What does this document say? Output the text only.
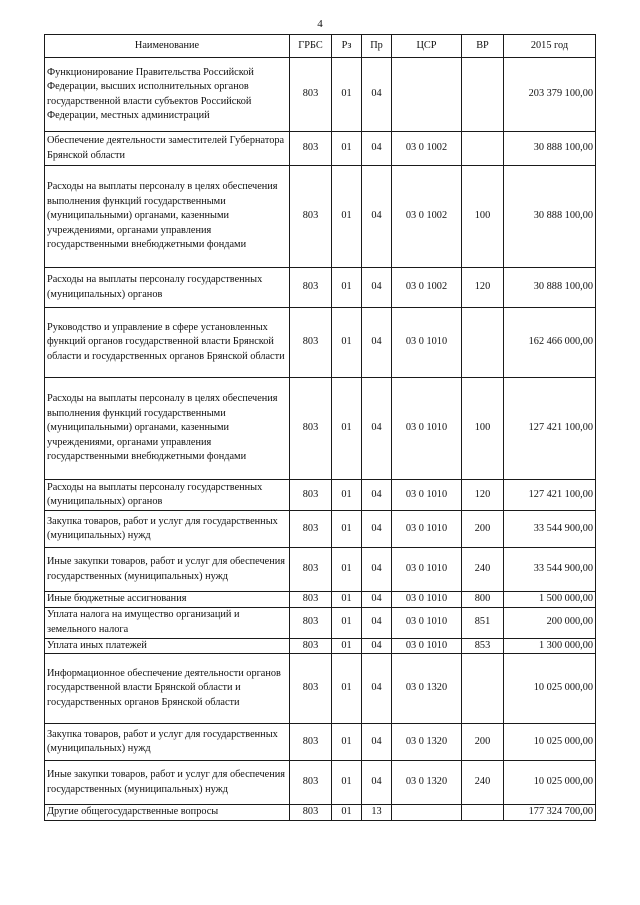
4
Наименование	ГРБС	Рз	Пр	ЦСР	ВР	2015 год
Функционирование Правительства Российской Федерации, высших исполнительных органов государственной власти субъектов Российской Федерации, местных администраций	803	01	04			203 379 100,00
Обеспечение деятельности заместителей Губернатора Брянской области	803	01	04	03 0 1002		30 888 100,00
Расходы на выплаты персоналу в целях обеспечения выполнения функций государственными (муниципальными) органами, казенными учреждениями, органами управления государственными внебюджетными фондами	803	01	04	03 0 1002	100	30 888 100,00
Расходы на выплаты персоналу государственных (муниципальных) органов	803	01	04	03 0 1002	120	30 888 100,00
Руководство и управление в сфере установленных функций органов государственной власти Брянской области и государственных органов Брянской области	803	01	04	03 0 1010		162 466 000,00
Расходы на выплаты персоналу в целях обеспечения выполнения функций государственными (муниципальными) органами, казенными учреждениями, органами управления государственными внебюджетными фондами	803	01	04	03 0 1010	100	127 421 100,00
Расходы на выплаты персоналу государственных (муниципальных) органов	803	01	04	03 0 1010	120	127 421 100,00
Закупка товаров, работ и услуг для государственных (муниципальных) нужд	803	01	04	03 0 1010	200	33 544 900,00
Иные закупки товаров, работ и услуг для обеспечения государственных (муниципальных) нужд	803	01	04	03 0 1010	240	33 544 900,00
Иные бюджетные ассигнования	803	01	04	03 0 1010	800	1 500 000,00
Уплата налога на имущество организаций и земельного налога	803	01	04	03 0 1010	851	200 000,00
Уплата иных платежей	803	01	04	03 0 1010	853	1 300 000,00
Информационное обеспечение деятельности органов государственной власти Брянской области и государственных органов Брянской области	803	01	04	03 0 1320		10 025 000,00
Закупка товаров, работ и услуг для государственных (муниципальных) нужд	803	01	04	03 0 1320	200	10 025 000,00
Иные закупки товаров, работ и услуг для обеспечения государственных (муниципальных) нужд	803	01	04	03 0 1320	240	10 025 000,00
Другие общегосударственные вопросы	803	01	13			177 324 700,00
